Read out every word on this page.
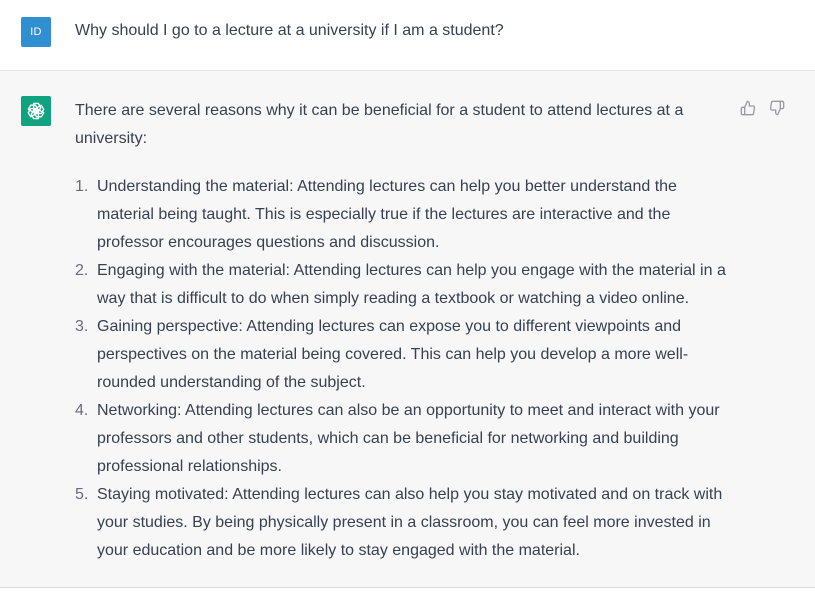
ID	Why should I go to a lecture at a university if I am a student?

There are several reasons why it can be beneficial for a student to attend lectures at a university:

1. Understanding the material: Attending lectures can help you better understand the material being taught. This is especially true if the lectures are interactive and the professor encourages questions and discussion.
2. Engaging with the material: Attending lectures can help you engage with the material in a way that is difficult to do when simply reading a textbook or watching a video online.
3. Gaining perspective: Attending lectures can expose you to different viewpoints and perspectives on the material being covered. This can help you develop a more well-rounded understanding of the subject.
4. Networking: Attending lectures can also be an opportunity to meet and interact with your professors and other students, which can be beneficial for networking and building professional relationships.
5. Staying motivated: Attending lectures can also help you stay motivated and on track with your studies. By being physically present in a classroom, you can feel more invested in your education and be more likely to stay engaged with the material.
